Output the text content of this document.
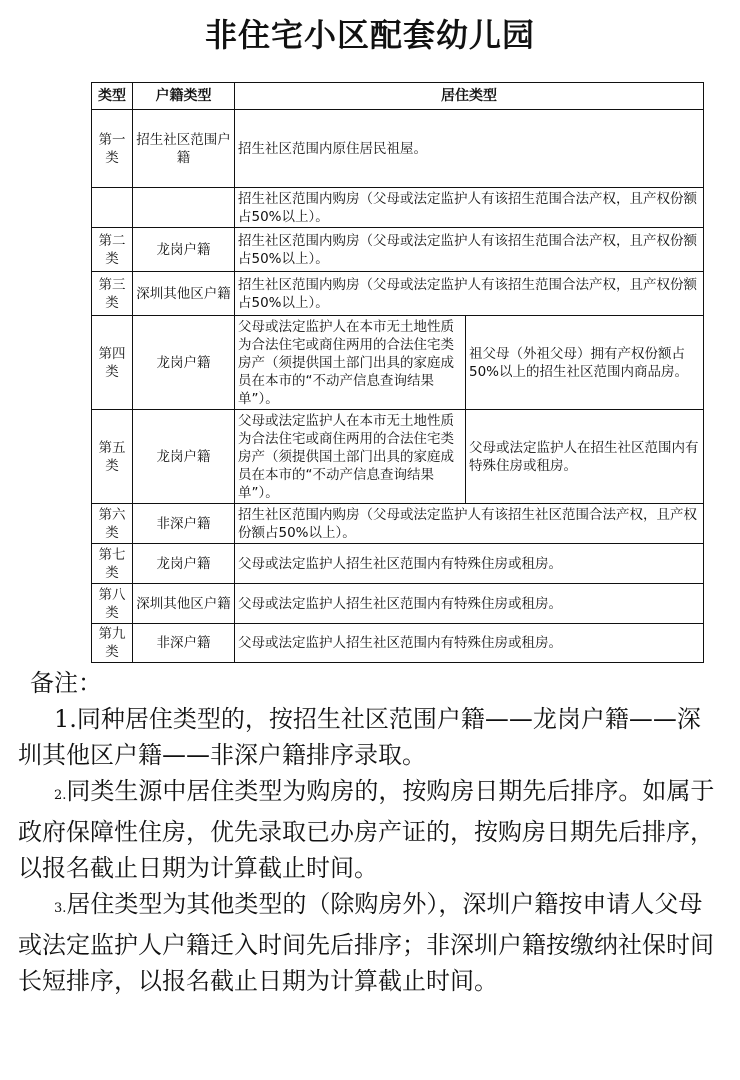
非住宅小区配套幼儿园
类型	户籍类型	居住类型	
第一类	招生社区范围户籍	招生社区范围内原住居民祖屋。	
		招生社区范围内购房（父母或法定监护人有该招生范围合法产权，且产权份额占50%以上）。	
第二类	龙岗户籍	招生社区范围内购房（父母或法定监护人有该招生范围合法产权，且产权份额占50%以上）。	
第三类	深圳其他区户籍	招生社区范围内购房（父母或法定监护人有该招生范围合法产权，且产权份额占50%以上）。	
第四类	龙岗户籍	父母或法定监护人在本市无土地性质为合法住宅或商住两用的合法住宅类房产（须提供国土部门出具的家庭成员在本市的“不动产信息查询结果单”）。	祖父母（外祖父母）拥有产权份额占50%以上的招生社区范围内商品房。
第五类	龙岗户籍	父母或法定监护人在本市无土地性质为合法住宅或商住两用的合法住宅类房产（须提供国土部门出具的家庭成员在本市的“不动产信息查询结果单”）。	父母或法定监护人在招生社区范围内有特殊住房或租房。
第六类	非深户籍	招生社区范围内购房（父母或法定监护人有该招生社区范围合法产权，且产权份额占50%以上）。	
第七类	龙岗户籍	父母或法定监护人招生社区范围内有特殊住房或租房。	
第八类	深圳其他区户籍	父母或法定监护人招生社区范围内有特殊住房或租房。	
第九类	非深户籍	父母或法定监护人招生社区范围内有特殊住房或租房。	
备注：

1.同种居住类型的，按招生社区范围户籍——龙岗户籍——深圳其他区户籍——非深户籍排序录取。

2.同类生源中居住类型为购房的，按购房日期先后排序。如属于政府保障性住房，优先录取已办房产证的，按购房日期先后排序，以报名截止日期为计算截止时间。

3.居住类型为其他类型的（除购房外），深圳户籍按申请人父母或法定监护人户籍迁入时间先后排序；非深圳户籍按缴纳社保时间长短排序，以报名截止日期为计算截止时间。
